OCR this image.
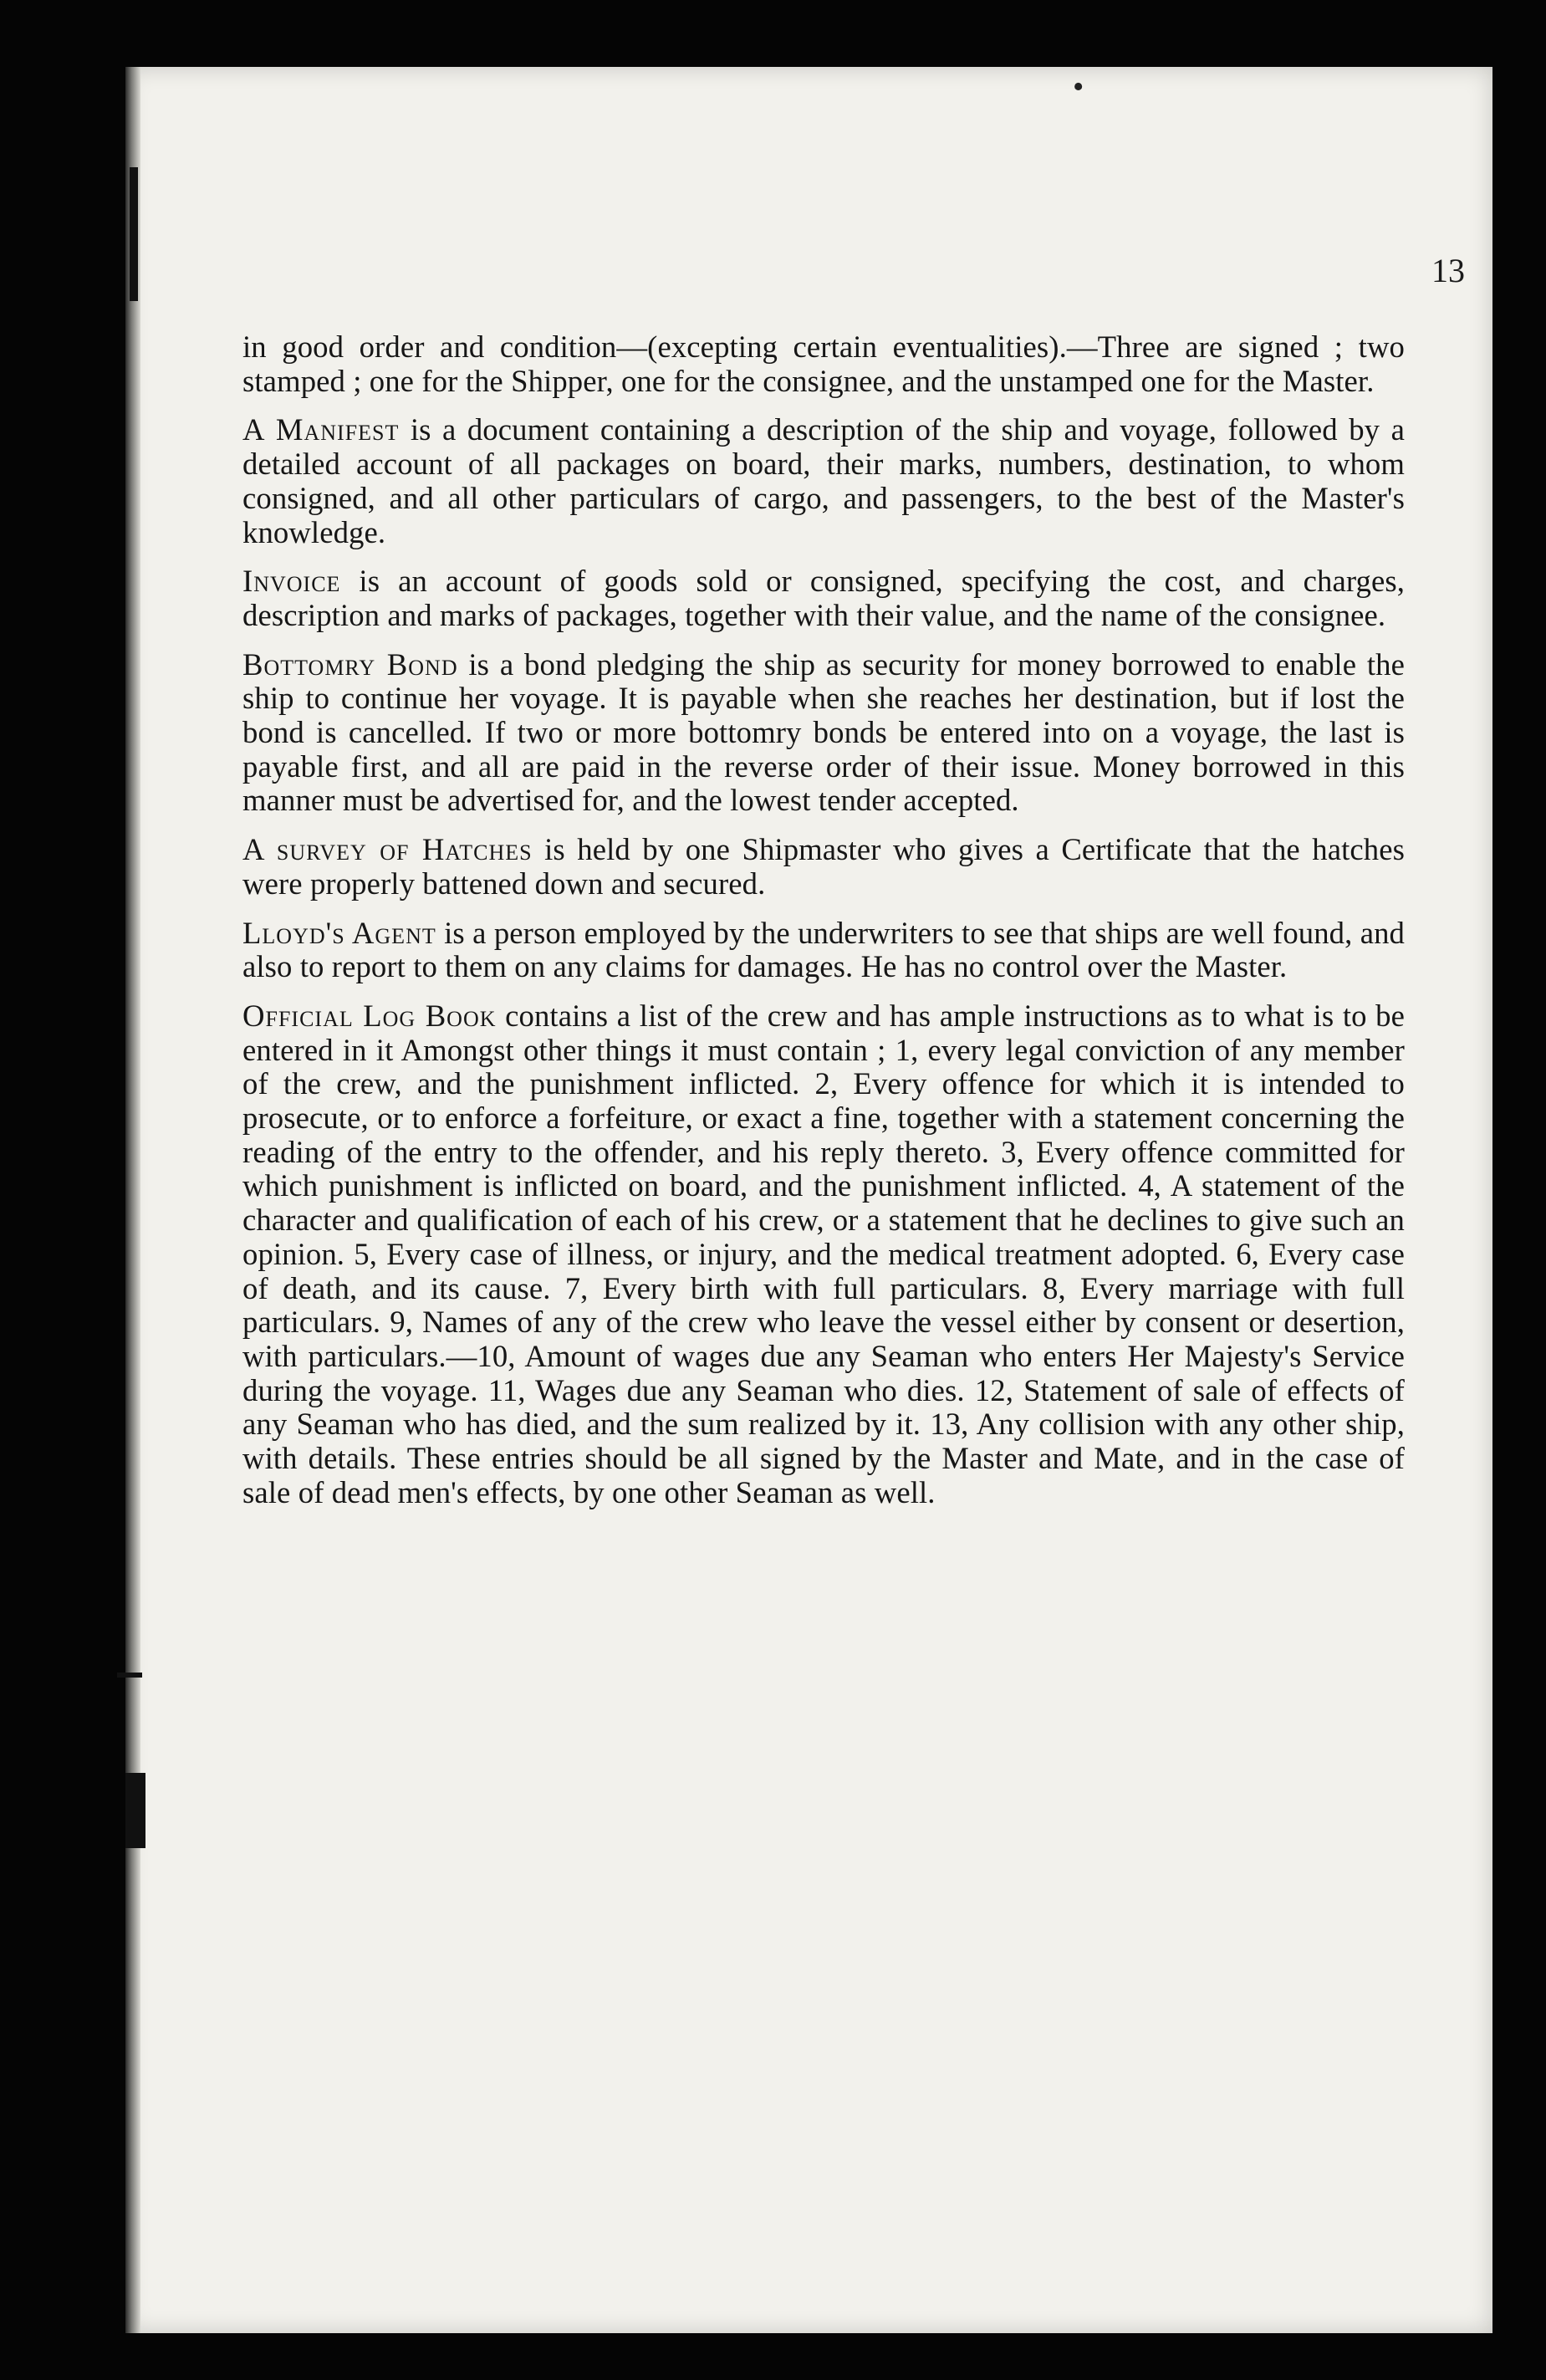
•
13

in good order and condition—(excepting certain eventualities).—Three are signed ; two stamped ; one for the Shipper, one for the consignee, and the unstamped one for the Master.

A Manifest is a document containing a description of the ship and voyage, followed by a detailed account of all packages on board, their marks, numbers, destination, to whom consigned, and all other particulars of cargo, and passengers, to the best of the Master's knowledge.

Invoice is an account of goods sold or consigned, specifying the cost, and charges, description and marks of packages, together with their value, and the name of the consignee.

Bottomry Bond is a bond pledging the ship as security for money borrowed to enable the ship to continue her voyage. It is payable when she reaches her destination, but if lost the bond is cancelled. If two or more bottomry bonds be entered into on a voyage, the last is payable first, and all are paid in the reverse order of their issue. Money borrowed in this manner must be advertised for, and the lowest tender accepted.

A survey of Hatches is held by one Shipmaster who gives a Certificate that the hatches were properly battened down and secured.

Lloyd's Agent is a person employed by the underwriters to see that ships are well found, and also to report to them on any claims for damages. He has no control over the Master.

Official Log Book contains a list of the crew and has ample instructions as to what is to be entered in it Amongst other things it must contain ; 1, every legal conviction of any member of the crew, and the punishment inflicted. 2, Every offence for which it is intended to prosecute, or to enforce a forfeiture, or exact a fine, together with a statement concerning the reading of the entry to the offender, and his reply thereto. 3, Every offence committed for which punishment is inflicted on board, and the punishment inflicted. 4, A statement of the character and qualification of each of his crew, or a statement that he declines to give such an opinion. 5, Every case of illness, or injury, and the medical treatment adopted. 6, Every case of death, and its cause. 7, Every birth with full particulars. 8, Every marriage with full particulars. 9, Names of any of the crew who leave the vessel either by consent or desertion, with particulars.—10, Amount of wages due any Seaman who enters Her Majesty's Service during the voyage. 11, Wages due any Seaman who dies. 12, Statement of sale of effects of any Seaman who has died, and the sum realized by it. 13, Any collision with any other ship, with details. These entries should be all signed by the Master and Mate, and in the case of sale of dead men's effects, by one other Seaman as well.
